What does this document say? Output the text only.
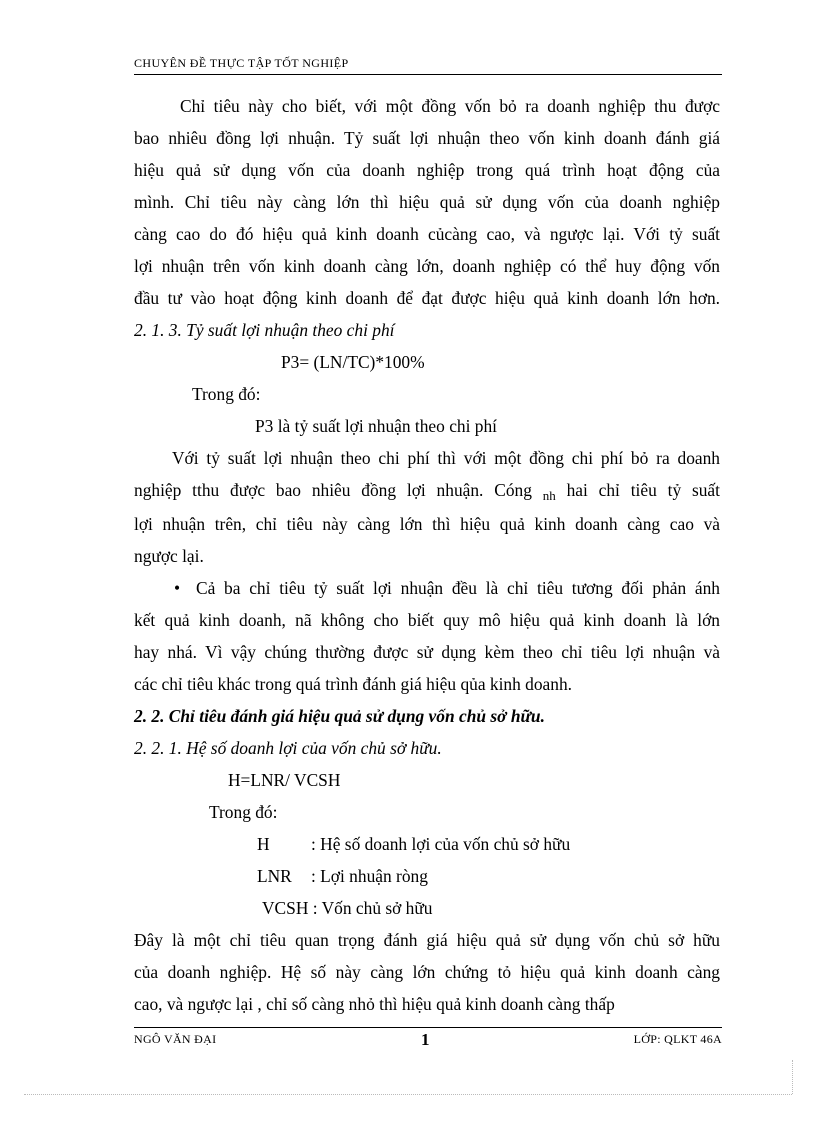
CHUYÊN ĐỀ THỰC TẬP TỐT NGHIỆP

Chỉ tiêu này cho biết, với một đồng vốn bỏ ra doanh nghiệp thu được

bao nhiêu đồng lợi nhuận. Tỷ suất lợi nhuận theo vốn kinh doanh đánh giá

hiệu quả sử dụng vốn của doanh nghiệp trong quá trình hoạt động của

mình. Chỉ tiêu này càng lớn thì hiệu quả sử dụng vốn của doanh nghiệp

càng cao do đó hiệu quả kinh doanh củcàng cao, và ngược lại. Với tỷ suất

lợi nhuận trên vốn kinh doanh càng lớn, doanh nghiệp có thể huy động vốn

đầu tư vào hoạt động kinh doanh để đạt được hiệu quả kinh doanh lớn hơn.

2. 1. 3. Tỷ suất lợi nhuận theo chi phí

P3= (LN/TC)*100%

Trong đó:

P3 là tỷ suất lợi nhuận theo chi phí

Với tỷ suất lợi nhuận theo chi phí thì với một đồng chi phí bỏ ra doanh

nghiệp tthu được bao nhiêu đồng lợi nhuận. Cóng $_{nh}$ hai chỉ tiêu tỷ suất

lợi nhuận trên, chỉ tiêu này càng lớn thì hiệu quả kinh doanh càng cao và

ngược lại.

• Cả ba chỉ tiêu tỷ suất lợi nhuận đều là chỉ tiêu tương đối phản ánh

kết quả kinh doanh, nã không cho biết quy mô hiệu quả kinh doanh là lớn

hay nhá. Vì vậy chúng thường được sử dụng kèm theo chỉ tiêu lợi nhuận và

các chỉ tiêu khác trong quá trình đánh giá hiệu qủa kinh doanh.

2. 2. Chỉ tiêu đánh giá hiệu quả sử dụng vốn chủ sở hữu.

2. 2. 1. Hệ số doanh lợi của vốn chủ sở hữu.

H=LNR/ VCSH

Trong đó:

H : Hệ số doanh lợi của vốn chủ sở hữu

LNR : Lợi nhuận ròng

VCSH : Vốn chủ sở hữu

Đây là một chỉ tiêu quan trọng đánh giá hiệu quả sử dụng vốn chủ sở hữu

của doanh nghiệp. Hệ số này càng lớn chứng tỏ hiệu quả kinh doanh càng

cao, và ngược lại , chỉ số càng nhỏ thì hiệu quả kinh doanh càng thấp

NGÔ VĂN ĐẠI	1	LỚP: QLKT 46A
